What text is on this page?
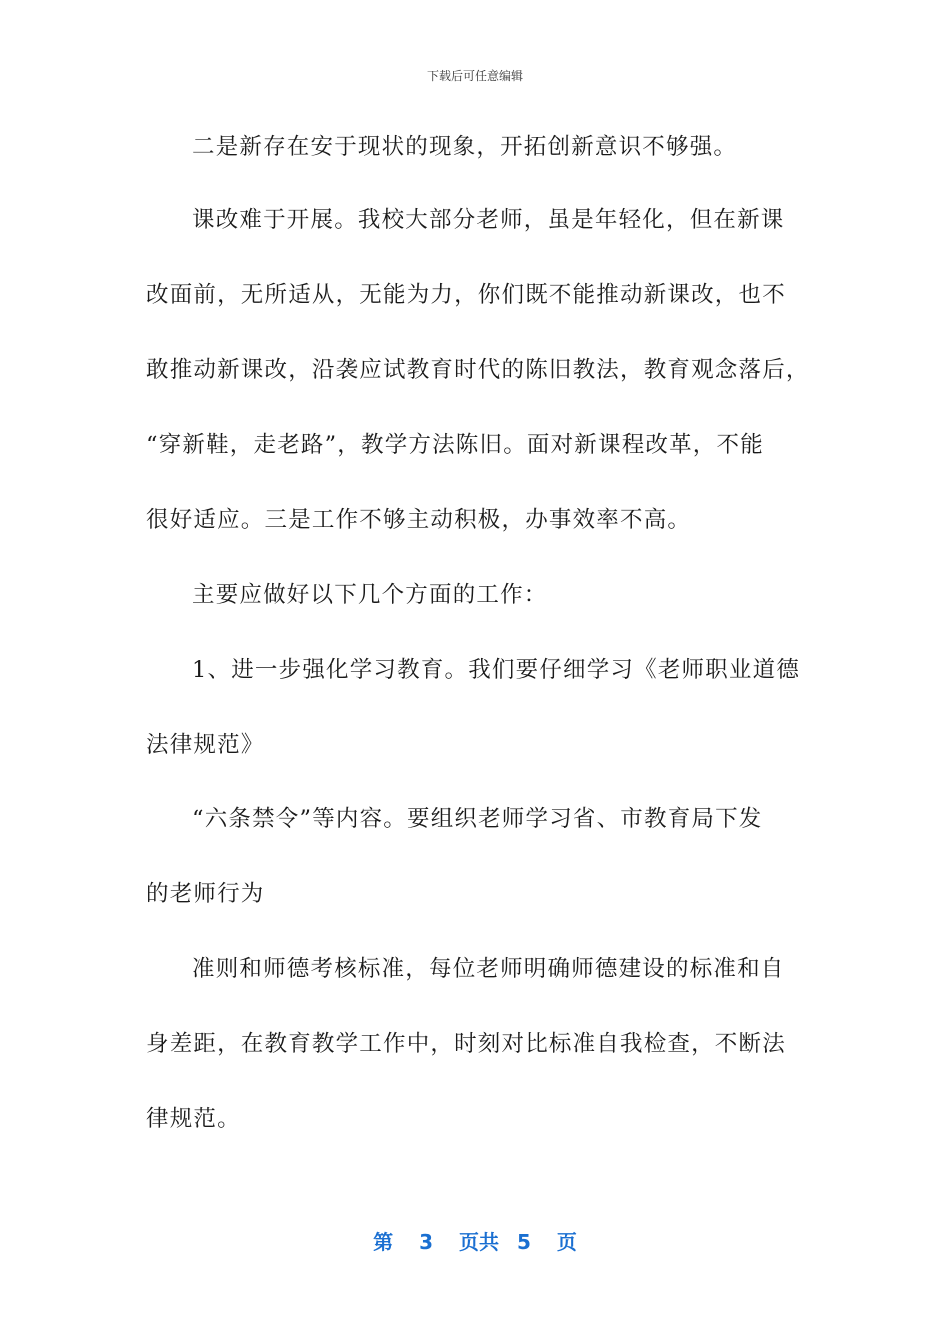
下载后可任意编辑
二是新存在安于现状的现象，开拓创新意识不够强。
课改难于开展。我校大部分老师，虽是年轻化，但在新课
改面前，无所适从，无能为力，你们既不能推动新课改，也不
敢推动新课改，沿袭应试教育时代的陈旧教法，教育观念落后，
“穿新鞋，走老路”，教学方法陈旧。面对新课程改革，不能
很好适应。三是工作不够主动积极，办事效率不高。
主要应做好以下几个方面的工作：
1、进一步强化学习教育。我们要仔细学习《老师职业道德
法律规范》
“六条禁令”等内容。要组织老师学习省、市教育局下发
的老师行为
准则和师德考核标准，每位老师明确师德建设的标准和自
身差距，在教育教学工作中，时刻对比标准自我检查，不断法
律规范。
第 3 页共 5 页
